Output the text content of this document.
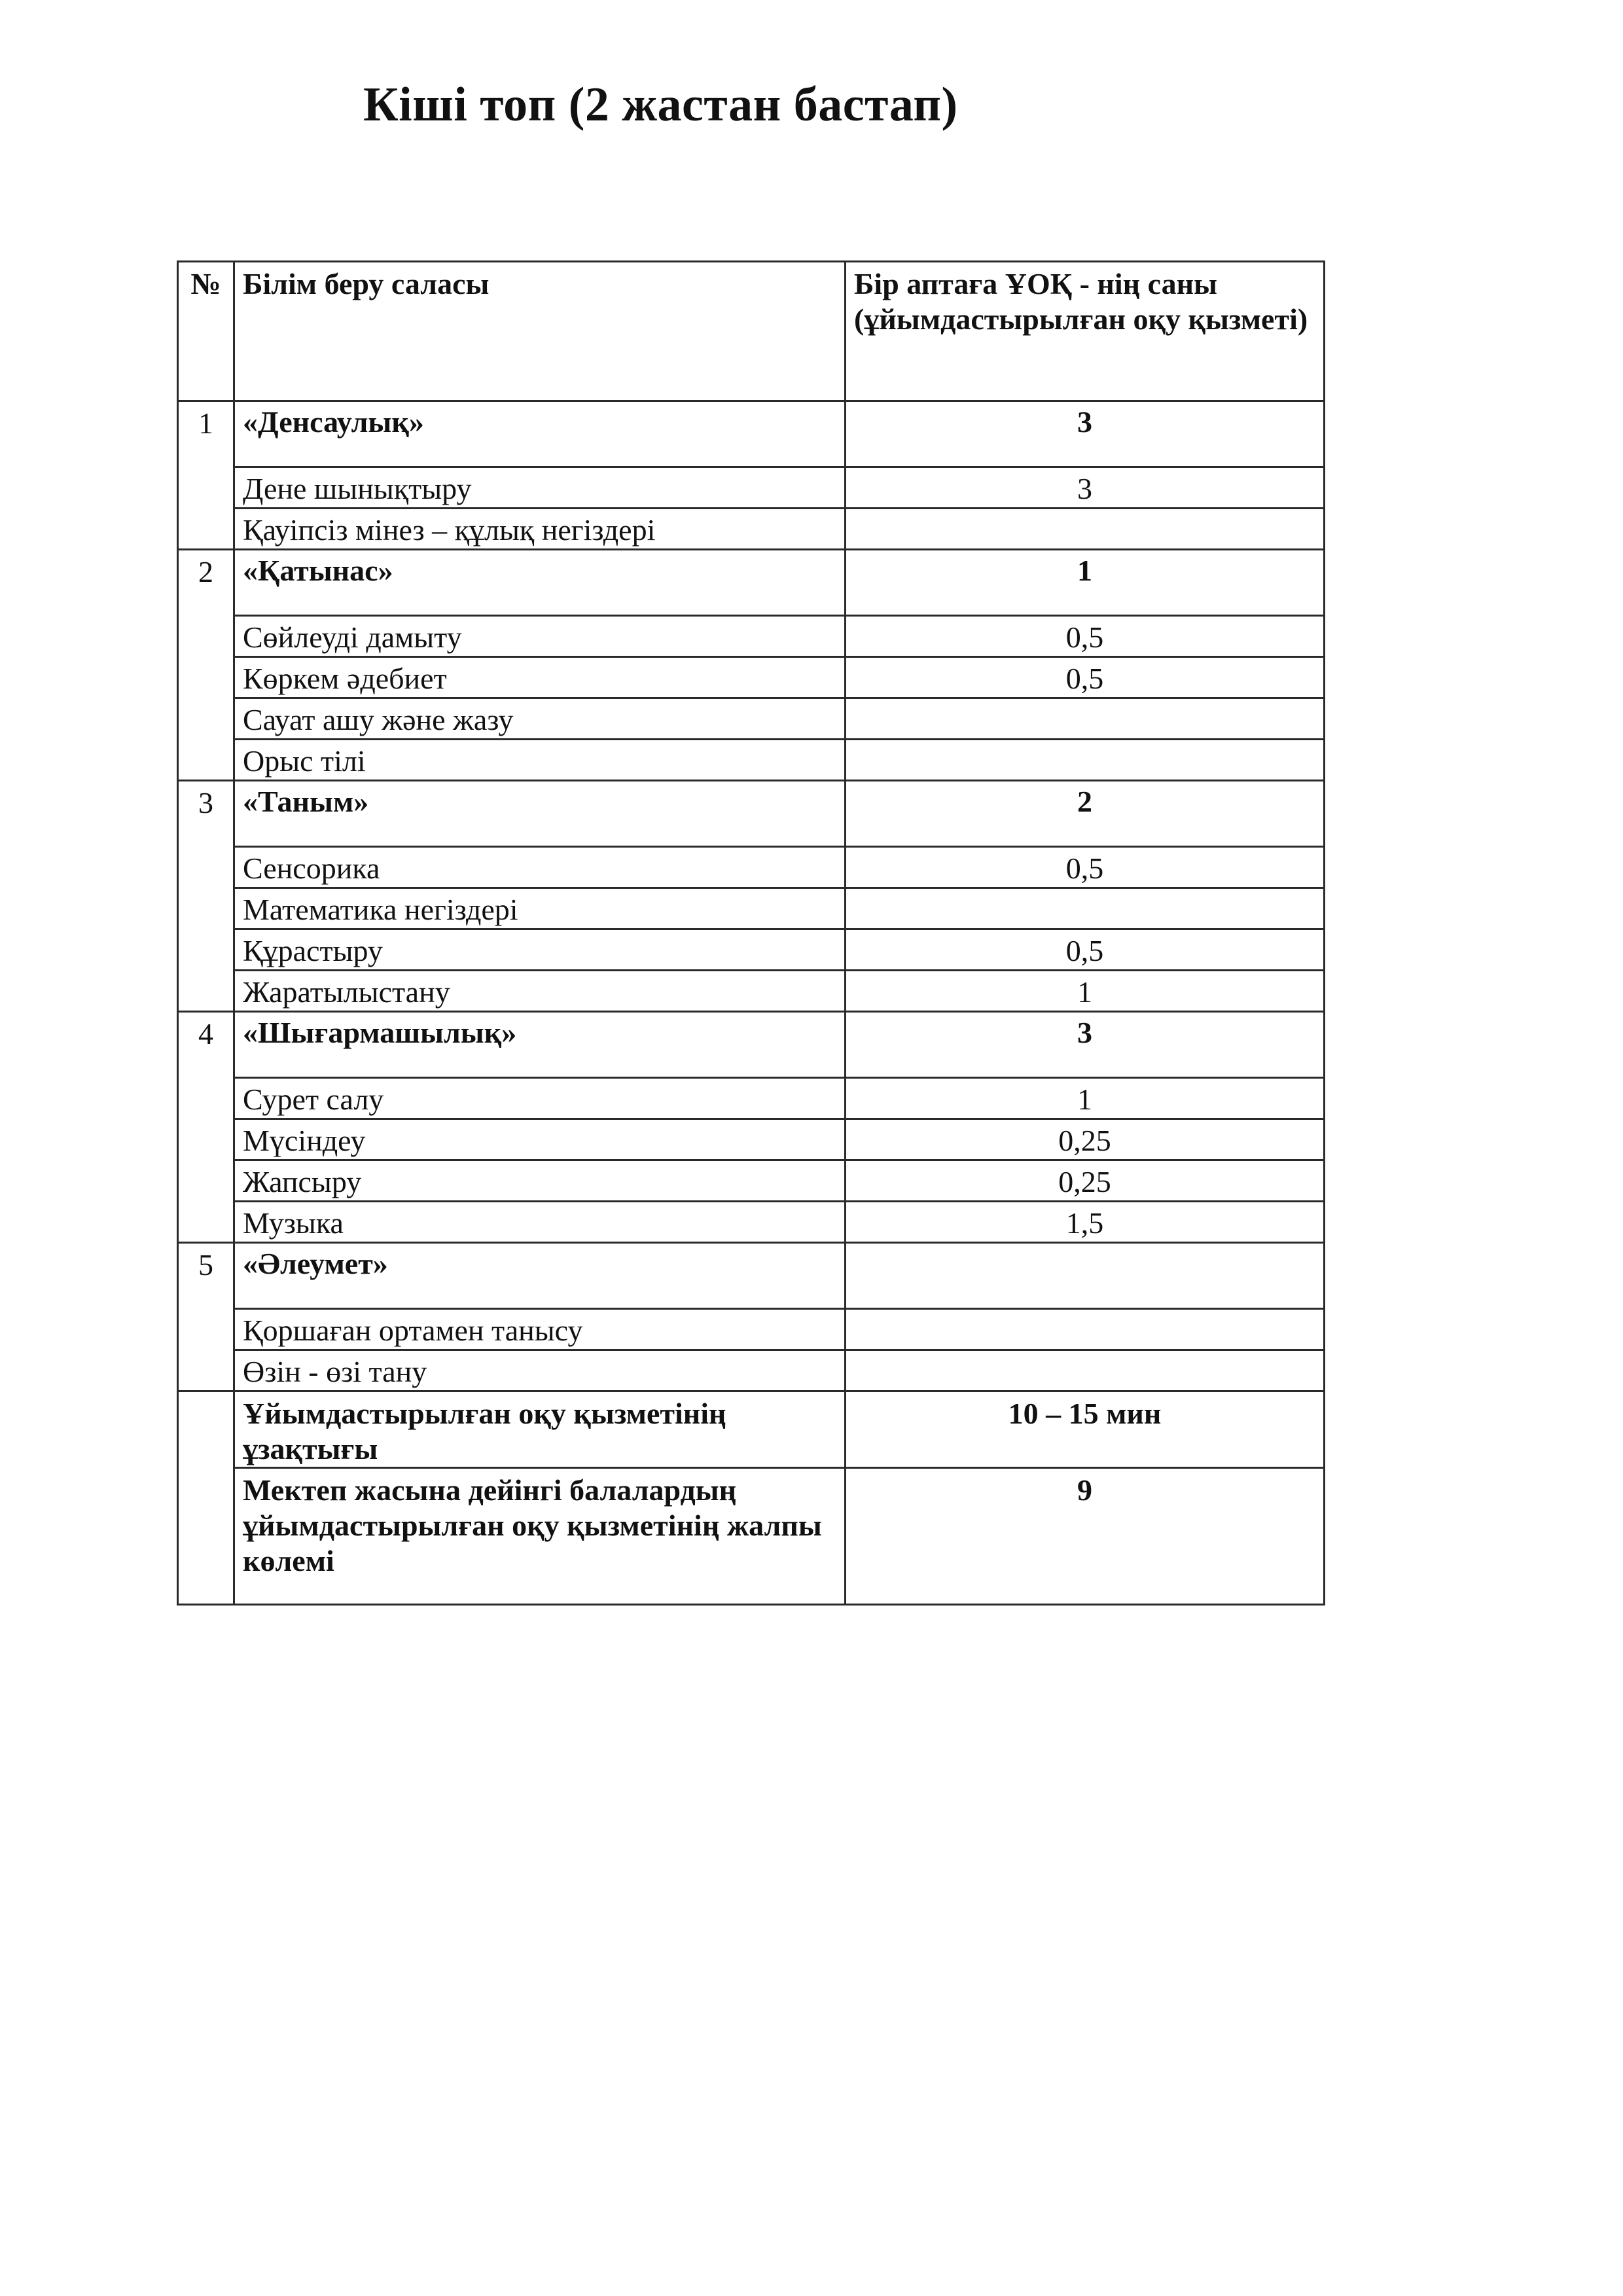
Кіші топ (2 жастан бастап)
№	Білім беру саласы	Бір аптаға ҰОҚ - нің саны (ұйымдастырылған оқу қызметі)
1	«Денсаулық»	3
	Дене шынықтыру	3
	Қауіпсіз мінез – құлық негіздері	
2	«Қатынас»	1
	Сөйлеуді дамыту	0,5
	Көркем әдебиет	0,5
	Сауат ашу және жазу	
	Орыс тілі	
3	«Таным»	2
	Сенсорика	0,5
	Математика негіздері	
	Құрастыру	0,5
	Жаратылыстану	1
4	«Шығармашылық»	3
	Сурет салу	1
	Мүсіндеу	0,25
	Жапсыру	0,25
	Музыка	1,5
5	«Әлеумет»	
	Қоршаған ортамен танысу	
	Өзін - өзі тану	
	Ұйымдастырылған оқу қызметінің ұзақтығы	10 – 15 мин
	Мектеп жасына дейінгі балалардың ұйымдастырылған оқу қызметінің жалпы көлемі	9
